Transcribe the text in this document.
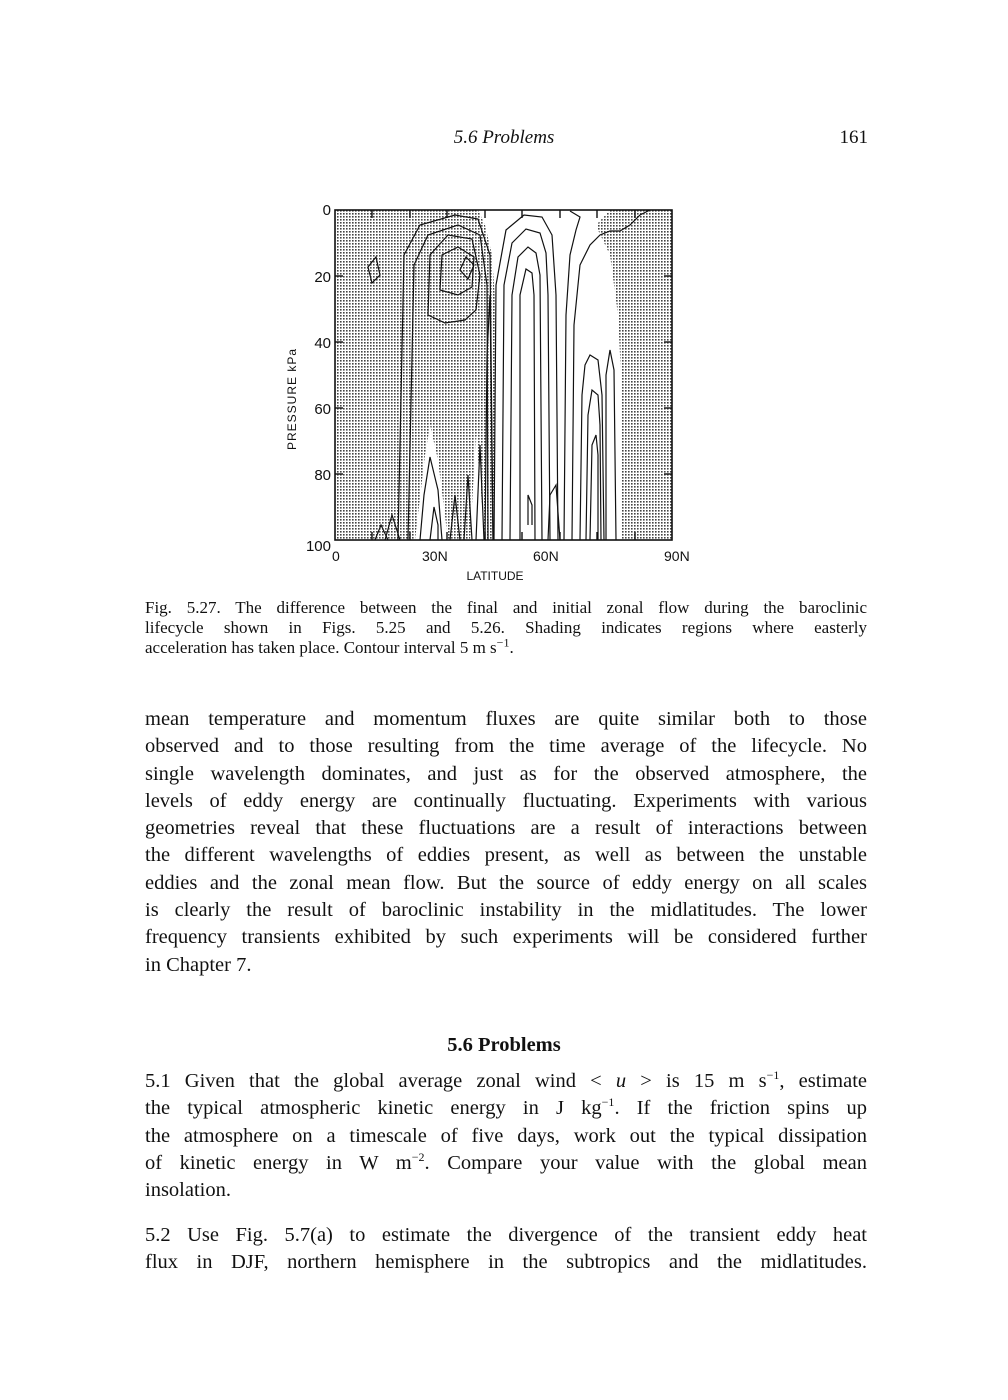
5.6 Problems	161
0
20
40
60
80
100
PRESSURE kPa
0	30N	60N	90N
LATITUDE
Fig. 5.27. The difference between the final and initial zonal flow during the baroclinic
lifecycle shown in Figs. 5.25 and 5.26. Shading indicates regions where easterly
acceleration has taken place. Contour interval 5 m $s^{-1}$.
mean temperature and momentum fluxes are quite similar both to those
observed and to those resulting from the time average of the lifecycle. No
single wavelength dominates, and just as for the observed atmosphere, the
levels of eddy energy are continually fluctuating. Experiments with various
geometries reveal that these fluctuations are a result of interactions between
the different wavelengths of eddies present, as well as between the unstable
eddies and the zonal mean flow. But the source of eddy energy on all scales
is clearly the result of baroclinic instability in the midlatitudes. The lower
frequency transients exhibited by such experiments will be considered further
in Chapter 7.
5.6 Problems
5.1 Given that the global average zonal wind < u > is 15 m $s^{-1}$, estimate
the typical atmospheric kinetic energy in J $kg^{-1}$. If the friction spins up
the atmosphere on a timescale of five days, work out the typical dissipation
of kinetic energy in W $m^{-2}$. Compare your value with the global mean
insolation.
5.2 Use Fig. 5.7(a) to estimate the divergence of the transient eddy heat
flux in DJF, northern hemisphere in the subtropics and the midlatitudes.
